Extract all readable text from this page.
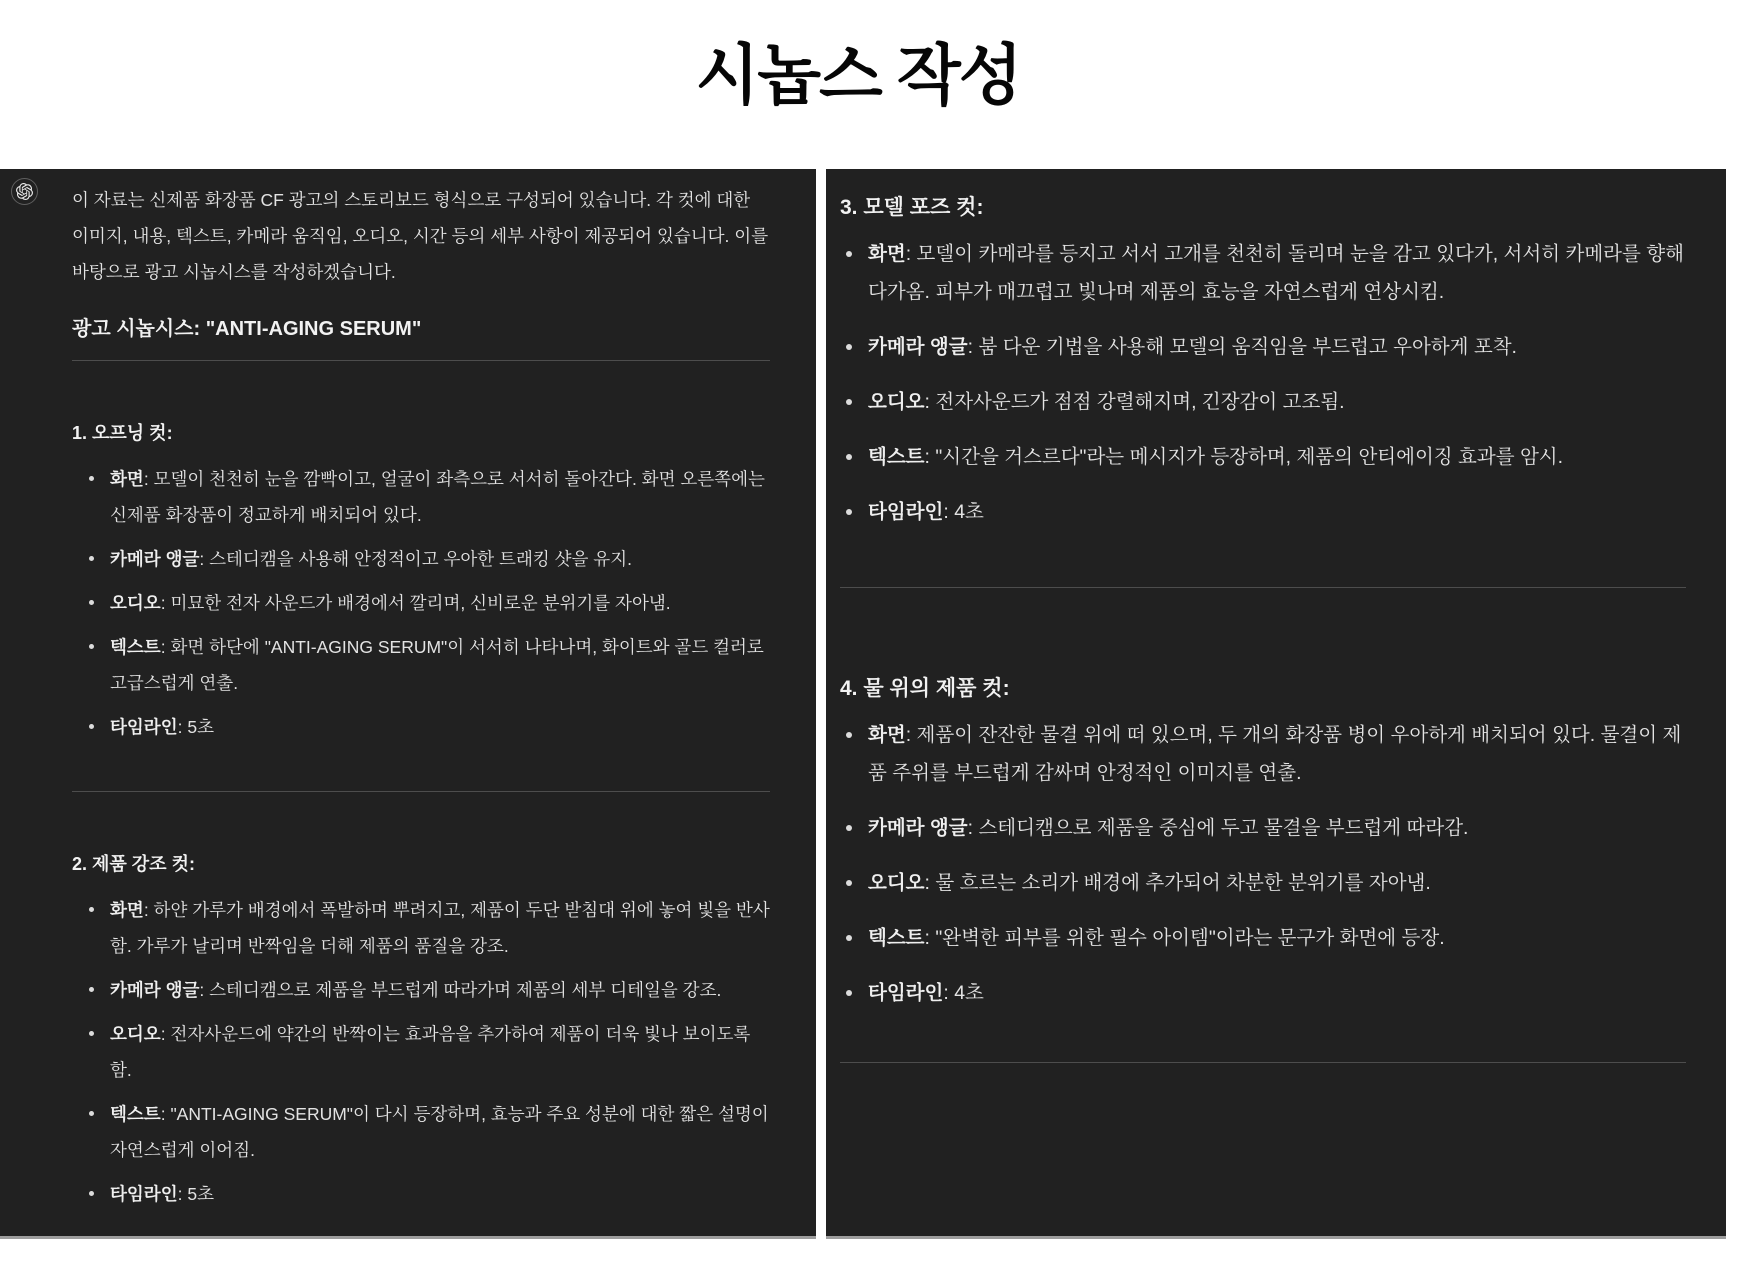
시놉스 작성

이 자료는 신제품 화장품 CF 광고의 스토리보드 형식으로 구성되어 있습니다. 각 컷에 대한 이미지, 내용, 텍스트, 카메라 움직임, 오디오, 시간 등의 세부 사항이 제공되어 있습니다. 이를 바탕으로 광고 시놉시스를 작성하겠습니다.

광고 시놉시스: "ANTI-AGING SERUM"
1. 오프닝 컷:
화면: 모델이 천천히 눈을 깜빡이고, 얼굴이 좌측으로 서서히 돌아간다. 화면 오른쪽에는 신제품 화장품이 정교하게 배치되어 있다.
카메라 앵글: 스테디캠을 사용해 안정적이고 우아한 트래킹 샷을 유지.
오디오: 미묘한 전자 사운드가 배경에서 깔리며, 신비로운 분위기를 자아냄.
텍스트: 화면 하단에 "ANTI-AGING SERUM"이 서서히 나타나며, 화이트와 골드 컬러로 고급스럽게 연출.
타임라인: 5초
2. 제품 강조 컷:
화면: 하얀 가루가 배경에서 폭발하며 뿌려지고, 제품이 두단 받침대 위에 놓여 빛을 반사함. 가루가 날리며 반짝임을 더해 제품의 품질을 강조.
카메라 앵글: 스테디캠으로 제품을 부드럽게 따라가며 제품의 세부 디테일을 강조.
오디오: 전자사운드에 약간의 반짝이는 효과음을 추가하여 제품이 더욱 빛나 보이도록 함.
텍스트: "ANTI-AGING SERUM"이 다시 등장하며, 효능과 주요 성분에 대한 짧은 설명이 자연스럽게 이어짐.
타임라인: 5초
3. 모델 포즈 컷:
화면: 모델이 카메라를 등지고 서서 고개를 천천히 돌리며 눈을 감고 있다가, 서서히 카메라를 향해 다가옴. 피부가 매끄럽고 빛나며 제품의 효능을 자연스럽게 연상시킴.
카메라 앵글: 붐 다운 기법을 사용해 모델의 움직임을 부드럽고 우아하게 포착.
오디오: 전자사운드가 점점 강렬해지며, 긴장감이 고조됨.
텍스트: "시간을 거스르다"라는 메시지가 등장하며, 제품의 안티에이징 효과를 암시.
타임라인: 4초
4. 물 위의 제품 컷:
화면: 제품이 잔잔한 물결 위에 떠 있으며, 두 개의 화장품 병이 우아하게 배치되어 있다. 물결이 제품 주위를 부드럽게 감싸며 안정적인 이미지를 연출.
카메라 앵글: 스테디캠으로 제품을 중심에 두고 물결을 부드럽게 따라감.
오디오: 물 흐르는 소리가 배경에 추가되어 차분한 분위기를 자아냄.
텍스트: "완벽한 피부를 위한 필수 아이템"이라는 문구가 화면에 등장.
타임라인: 4초
